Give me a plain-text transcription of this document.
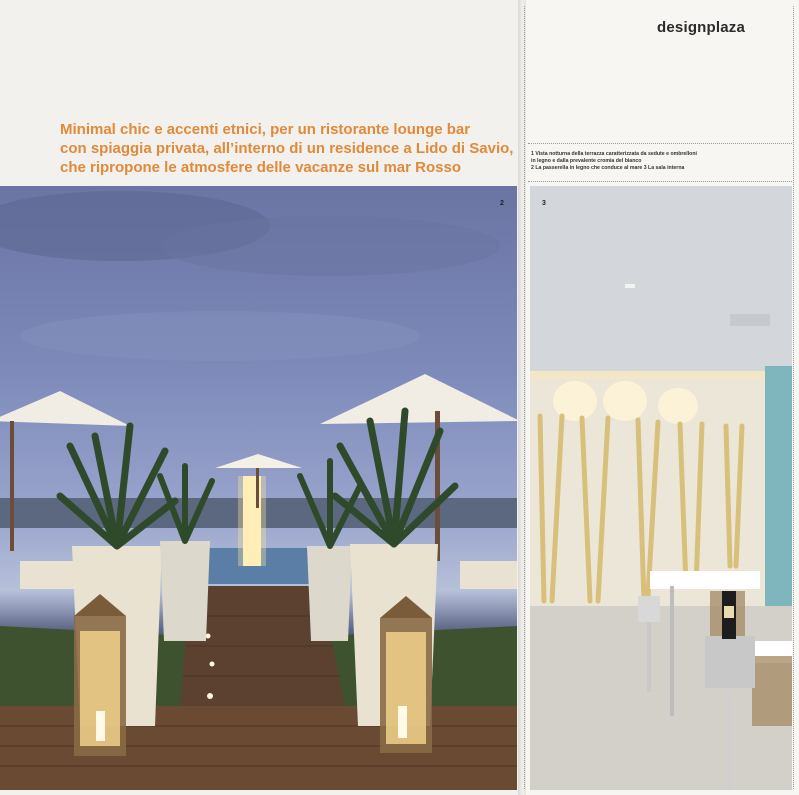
designplaza
Minimal chic e accenti etnici, per un ristorante lounge bar
con spiaggia privata, all’interno di un residence a Lido di Savio,
che ripropone le atmosfere delle vacanze sul mar Rosso
1 Vista notturna della terrazza caratterizzata da sedute e ombrelloni
in legno e dalla prevalente cromia del bianco
2 La passerella in legno che conduce al mare 3 La sala interna
2	3
